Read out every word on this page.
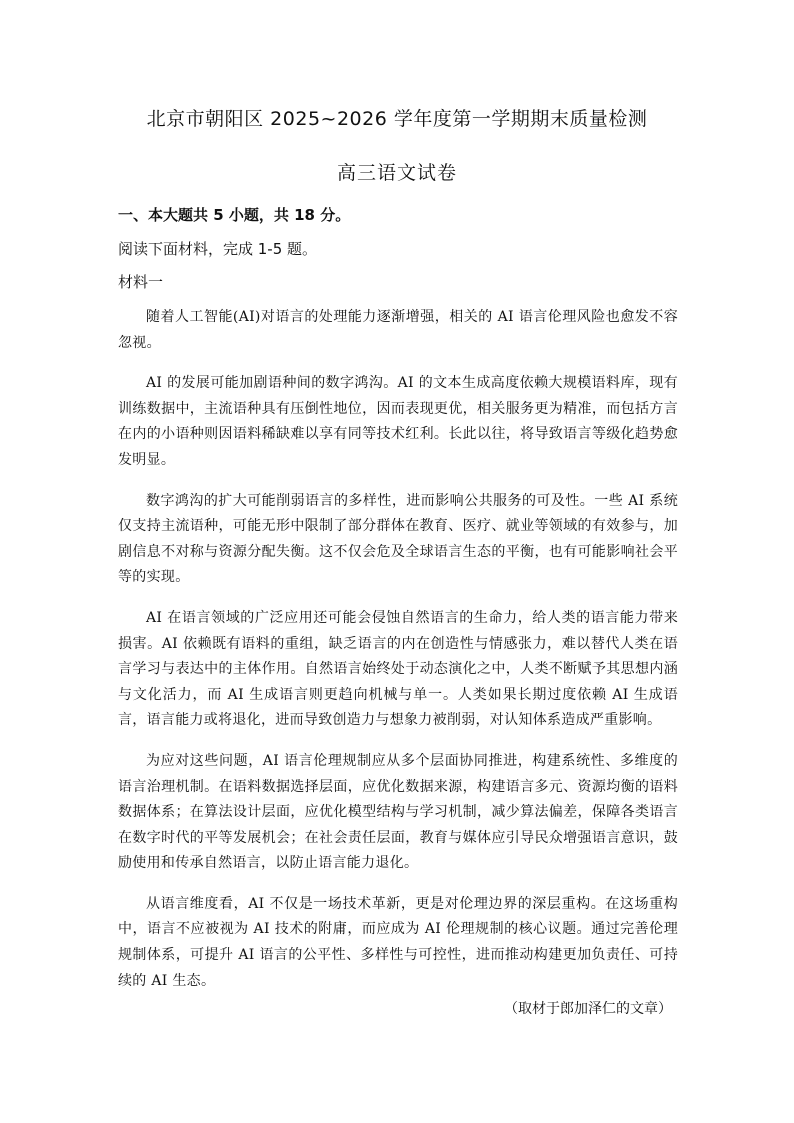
北京市朝阳区 2025~2026 学年度第一学期期末质量检测
高三语文试卷
一、本大题共 5 小题，共 18 分。
阅读下面材料，完成 1-5 题。
材料一

随着人工智能(AI)对语言的处理能力逐渐增强，相关的 AI 语言伦理风险也愈发不容忽视。

AI 的发展可能加剧语种间的数字鸿沟。AI 的文本生成高度依赖大规模语料库，现有训练数据中，主流语种具有压倒性地位，因而表现更优，相关服务更为精准，而包括方言在内的小语种则因语料稀缺难以享有同等技术红利。长此以往，将导致语言等级化趋势愈发明显。

数字鸿沟的扩大可能削弱语言的多样性，进而影响公共服务的可及性。一些 AI 系统仅支持主流语种，可能无形中限制了部分群体在教育、医疗、就业等领域的有效参与，加剧信息不对称与资源分配失衡。这不仅会危及全球语言生态的平衡，也有可能影响社会平等的实现。

AI 在语言领域的广泛应用还可能会侵蚀自然语言的生命力，给人类的语言能力带来损害。AI 依赖既有语料的重组，缺乏语言的内在创造性与情感张力，难以替代人类在语言学习与表达中的主体作用。自然语言始终处于动态演化之中，人类不断赋予其思想内涵与文化活力，而 AI 生成语言则更趋向机械与单一。人类如果长期过度依赖 AI 生成语言，语言能力或将退化，进而导致创造力与想象力被削弱，对认知体系造成严重影响。

为应对这些问题，AI 语言伦理规制应从多个层面协同推进，构建系统性、多维度的语言治理机制。在语料数据选择层面，应优化数据来源，构建语言多元、资源均衡的语料数据体系；在算法设计层面，应优化模型结构与学习机制，减少算法偏差，保障各类语言在数字时代的平等发展机会；在社会责任层面，教育与媒体应引导民众增强语言意识，鼓励使用和传承自然语言，以防止语言能力退化。

从语言维度看，AI 不仅是一场技术革新，更是对伦理边界的深层重构。在这场重构中，语言不应被视为 AI 技术的附庸，而应成为 AI 伦理规制的核心议题。通过完善伦理规制体系，可提升 AI 语言的公平性、多样性与可控性，进而推动构建更加负责任、可持续的 AI 生态。

（取材于郎加泽仁的文章）
